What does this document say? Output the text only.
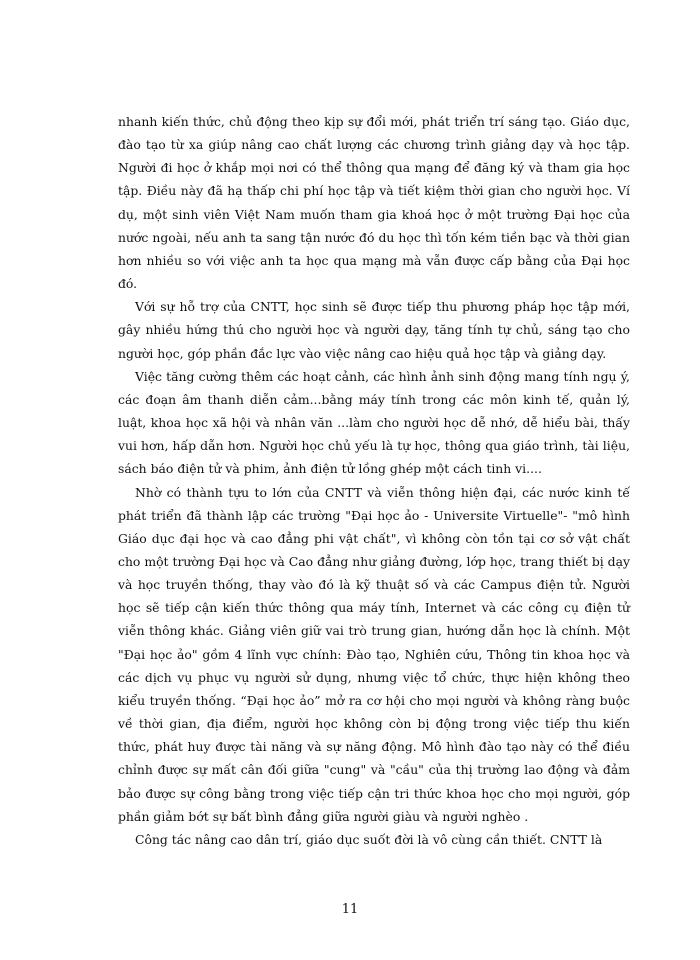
nhanh kiến thức, chủ động theo kịp sự đổi mới, phát triển trí sáng tạo. Giáo dục, đào tạo từ xa giúp nâng cao chất lượng các chương trình giảng dạy và học tập. Người đi học ở khắp mọi nơi có thể thông qua mạng để đăng ký và tham gia học tập. Điều này đã hạ thấp chi phí học tập và tiết kiệm thời gian cho người học. Ví dụ, một sinh viên Việt Nam muốn tham gia khoá học ở một trường Đại học của nước ngoài, nếu anh ta sang tận nước đó du học thì tốn kém tiền bạc và thời gian hơn nhiều so với việc anh ta học qua mạng mà vẫn được cấp bằng của Đại học đó.

Với sự hỗ trợ của CNTT, học sinh sẽ được tiếp thu phương pháp học tập mới, gây nhiều hứng thú cho người học và người dạy, tăng tính tự chủ, sáng tạo cho người học, góp phần đắc lực vào việc nâng cao hiệu quả học tập và giảng dạy.

Việc tăng cường thêm các hoạt cảnh, các hình ảnh sinh động mang tính ngụ ý, các đoạn âm thanh diễn cảm...bằng máy tính trong các môn kinh tế, quản lý, luật, khoa học xã hội và nhân văn ...làm cho người học dễ nhớ, dễ hiểu bài, thấy vui hơn, hấp dẫn hơn. Người học chủ yếu là tự học, thông qua giáo trình, tài liệu, sách báo điện tử và phim, ảnh điện tử lồng ghép một cách tinh vi....

Nhờ có thành tựu to lớn của CNTT và viễn thông hiện đại, các nước kinh tế phát triển đã thành lập các trường "Đại học ảo - Universite Virtuelle"- "mô hình Giáo dục đại học và cao đẳng phi vật chất", vì không còn tồn tại cơ sở vật chất cho một trường Đại học và Cao đẳng như giảng đường, lớp học, trang thiết bị dạy và học truyền thống, thay vào đó là kỹ thuật số và các Campus điện tử. Người học sẽ tiếp cận kiến thức thông qua máy tính, Internet và các công cụ điện tử viễn thông khác. Giảng viên giữ vai trò trung gian, hướng dẫn học là chính. Một "Đại học ảo" gồm 4 lĩnh vực chính: Đào tạo, Nghiên cứu, Thông tin khoa học và các dịch vụ phục vụ người sử dụng, nhưng việc tổ chức, thực hiện không theo kiểu truyền thống. “Đại học ảo” mở ra cơ hội cho mọi người và không ràng buộc về thời gian, địa điểm, người học không còn bị động trong việc tiếp thu kiến thức, phát huy được tài năng và sự năng động. Mô hình đào tạo này có thể điều chỉnh được sự mất cân đối giữa "cung" và "cầu" của thị trường lao động và đảm bảo được sự công bằng trong việc tiếp cận tri thức khoa học cho mọi người, góp phần giảm bớt sự bất bình đẳng giữa người giàu và người nghèo .

Công tác nâng cao dân trí, giáo dục suốt đời là vô cùng cần thiết. CNTT là

11
